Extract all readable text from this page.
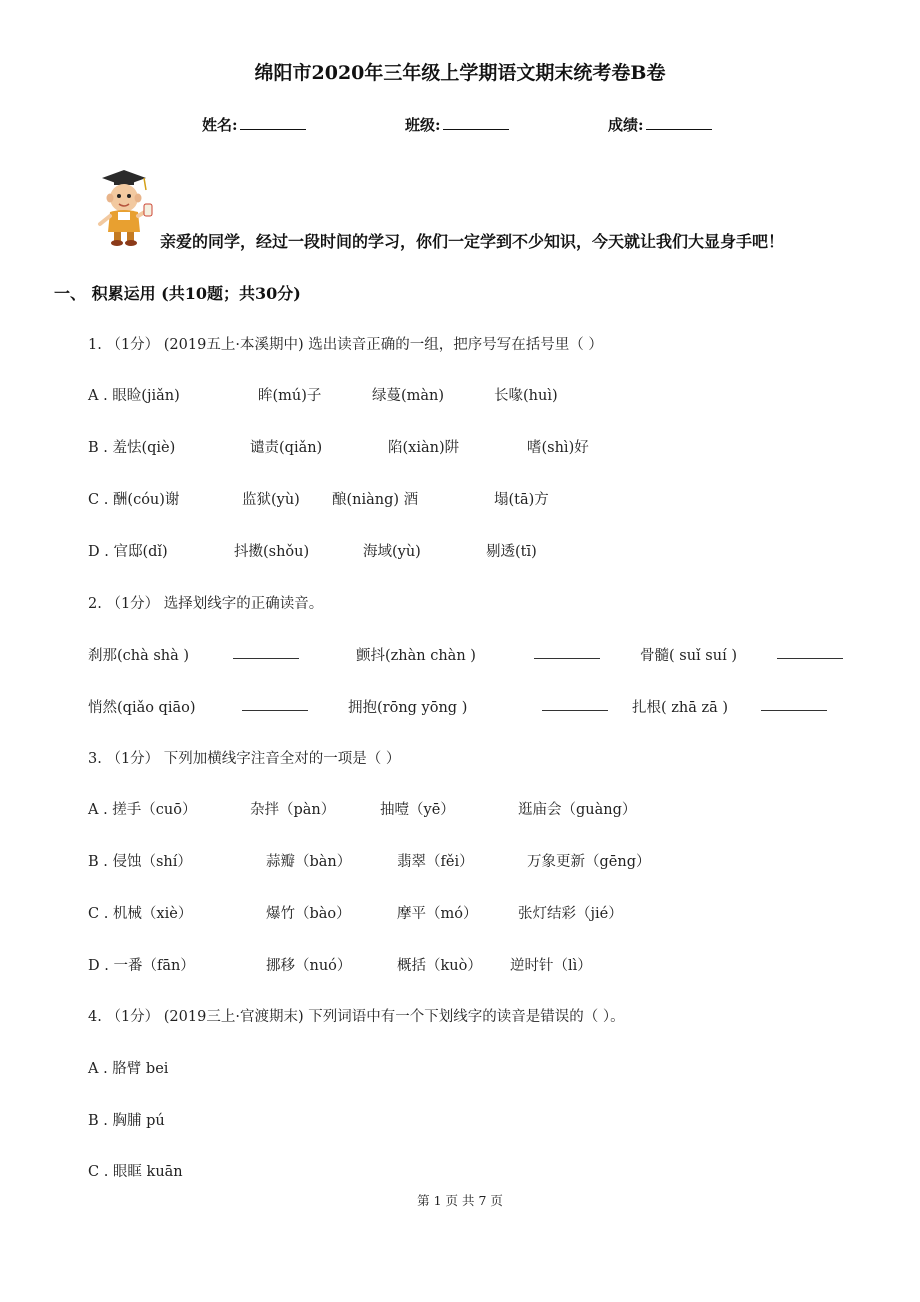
绵阳市2020年三年级上学期语文期末统考卷B卷
姓名:	班级:	成绩:
亲爱的同学，经过一段时间的学习，你们一定学到不少知识，今天就让我们大显身手吧！
一、 积累运用 (共10题；共30分)
1. （1分） (2019五上·本溪期中) 选出读音正确的一组，把序号写在括号里（ ）
A . 眼睑(jiǎn)	眸(mú)子	绿蔓(màn)	长喙(huì)
B . 羞怯(qiè)	谴责(qiǎn)	陷(xiàn)阱	嗜(shì)好
C . 酬(cóu)谢	监狱(yù) 酿(niàng) 酒	塌(tā)方
D . 官邸(dǐ)	抖擞(shǒu)	海域(yù)	剔透(tī)
2. （1分） 选择划线字的正确读音。
刹那(chà shà )	颤抖(zhàn chàn )	骨髓( suǐ suí )
悄然(qiǎo qiāo)	拥抱(rōng yōng )	扎根( zhā zā )
3. （1分） 下列加横线字注音全对的一项是（ ）
A . 搓手（cuō）	杂拌（pàn）	抽噎（yē）	逛庙会（guàng）
B . 侵蚀（shí）	蒜瓣（bàn）	翡翠（fěi）	万象更新（gēng）
C . 机械（xiè）	爆竹（bào）	摩平（mó）	张灯结彩（jié）
D . 一番（fān）	挪移（nuó）	概括（kuò） 逆时针（lì）
4. （1分） (2019三上·官渡期末) 下列词语中有一个下划线字的读音是错误的（ ）。
A . 胳臂 bei
B . 胸脯 pú
C . 眼眶 kuān
第 1 页 共 7 页
